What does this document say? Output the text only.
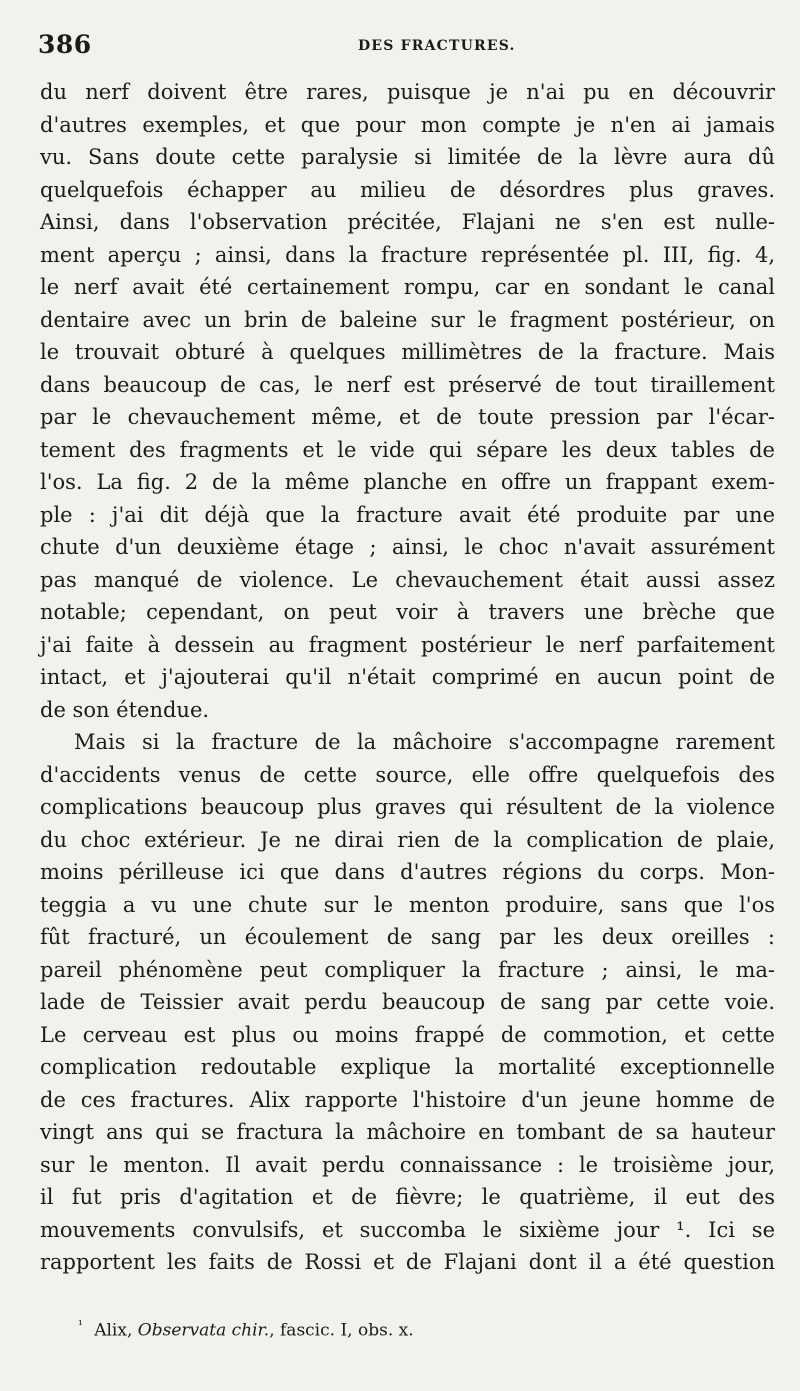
386	DES FRACTURES.
du nerf doivent être rares, puisque je n'ai pu en découvrir
d'autres exemples, et que pour mon compte je n'en ai jamais
vu. Sans doute cette paralysie si limitée de la lèvre aura dû
quelquefois échapper au milieu de désordres plus graves.
Ainsi, dans l'observation précitée, Flajani ne s'en est nulle-
ment aperçu ; ainsi, dans la fracture représentée pl. III, fig. 4,
le nerf avait été certainement rompu, car en sondant le canal
dentaire avec un brin de baleine sur le fragment postérieur, on
le trouvait obturé à quelques millimètres de la fracture. Mais
dans beaucoup de cas, le nerf est préservé de tout tiraillement
par le chevauchement même, et de toute pression par l'écar-
tement des fragments et le vide qui sépare les deux tables de
l'os. La fig. 2 de la même planche en offre un frappant exem-
ple : j'ai dit déjà que la fracture avait été produite par une
chute d'un deuxième étage ; ainsi, le choc n'avait assurément
pas manqué de violence. Le chevauchement était aussi assez
notable; cependant, on peut voir à travers une brèche que
j'ai faite à dessein au fragment postérieur le nerf parfaitement
intact, et j'ajouterai qu'il n'était comprimé en aucun point de
de son étendue.
Mais si la fracture de la mâchoire s'accompagne rarement
d'accidents venus de cette source, elle offre quelquefois des
complications beaucoup plus graves qui résultent de la violence
du choc extérieur. Je ne dirai rien de la complication de plaie,
moins périlleuse ici que dans d'autres régions du corps. Mon-
teggia a vu une chute sur le menton produire, sans que l'os
fût fracturé, un écoulement de sang par les deux oreilles :
pareil phénomène peut compliquer la fracture ; ainsi, le ma-
lade de Teissier avait perdu beaucoup de sang par cette voie.
Le cerveau est plus ou moins frappé de commotion, et cette
complication redoutable explique la mortalité exceptionnelle
de ces fractures. Alix rapporte l'histoire d'un jeune homme de
vingt ans qui se fractura la mâchoire en tombant de sa hauteur
sur le menton. Il avait perdu connaissance : le troisième jour,
il fut pris d'agitation et de fièvre; le quatrième, il eut des
mouvements convulsifs, et succomba le sixième jour ¹. Ici se
rapportent les faits de Rossi et de Flajani dont il a été question
$^{^1}$ Alix, Observata chir., fascic. I, obs. x.
